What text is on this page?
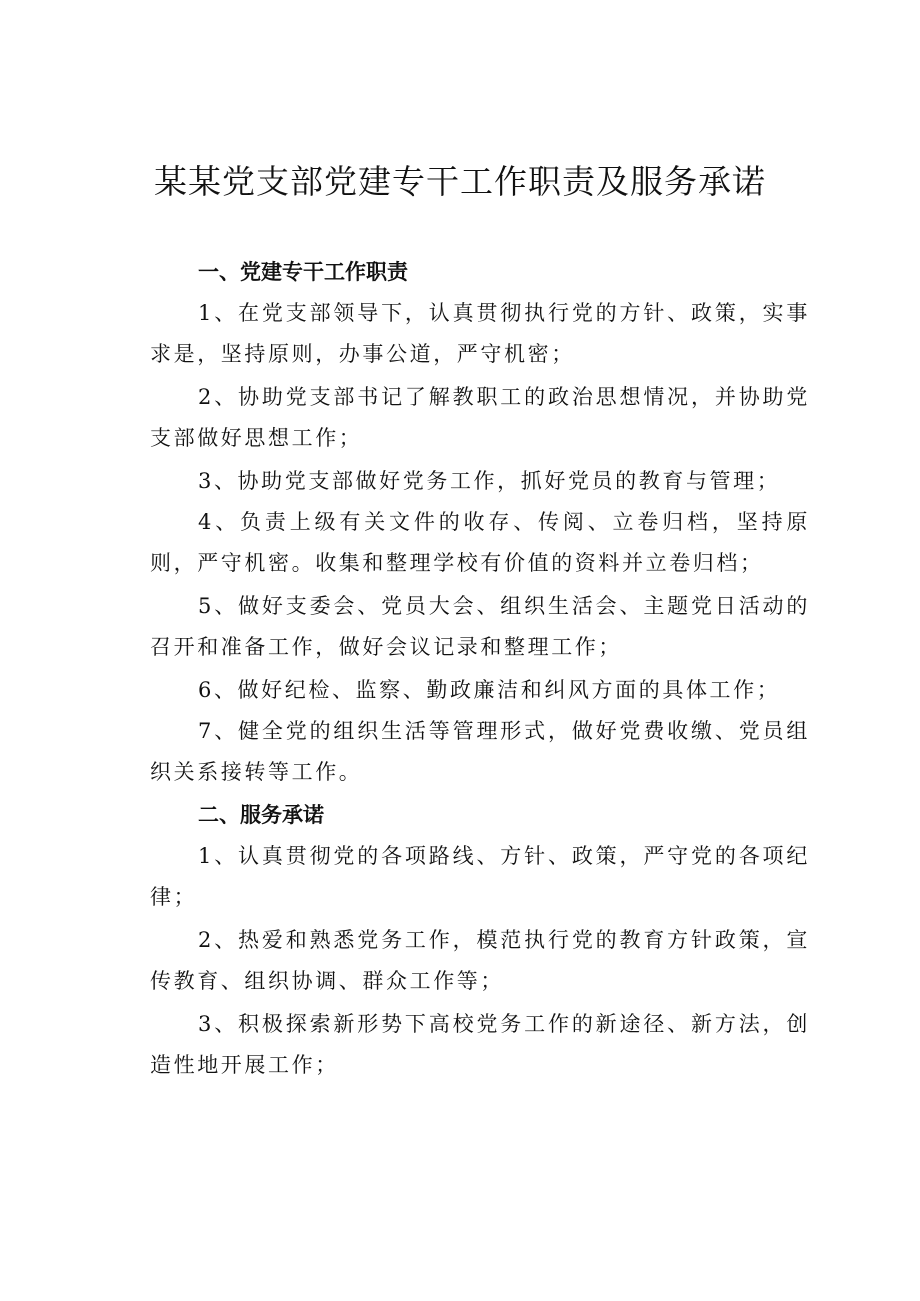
某某党支部党建专干工作职责及服务承诺

一、党建专干工作职责

1、在党支部领导下，认真贯彻执行党的方针、政策，实事求是，坚持原则，办事公道，严守机密；

2、协助党支部书记了解教职工的政治思想情况，并协助党支部做好思想工作；

3、协助党支部做好党务工作，抓好党员的教育与管理；

4、负责上级有关文件的收存、传阅、立卷归档，坚持原则，严守机密。收集和整理学校有价值的资料并立卷归档；

5、做好支委会、党员大会、组织生活会、主题党日活动的召开和准备工作，做好会议记录和整理工作；

6、做好纪检、监察、勤政廉洁和纠风方面的具体工作；

7、健全党的组织生活等管理形式，做好党费收缴、党员组织关系接转等工作。

二、服务承诺

1、认真贯彻党的各项路线、方针、政策，严守党的各项纪律；

2、热爱和熟悉党务工作，模范执行党的教育方针政策，宣传教育、组织协调、群众工作等；

3、积极探索新形势下高校党务工作的新途径、新方法，创造性地开展工作；
